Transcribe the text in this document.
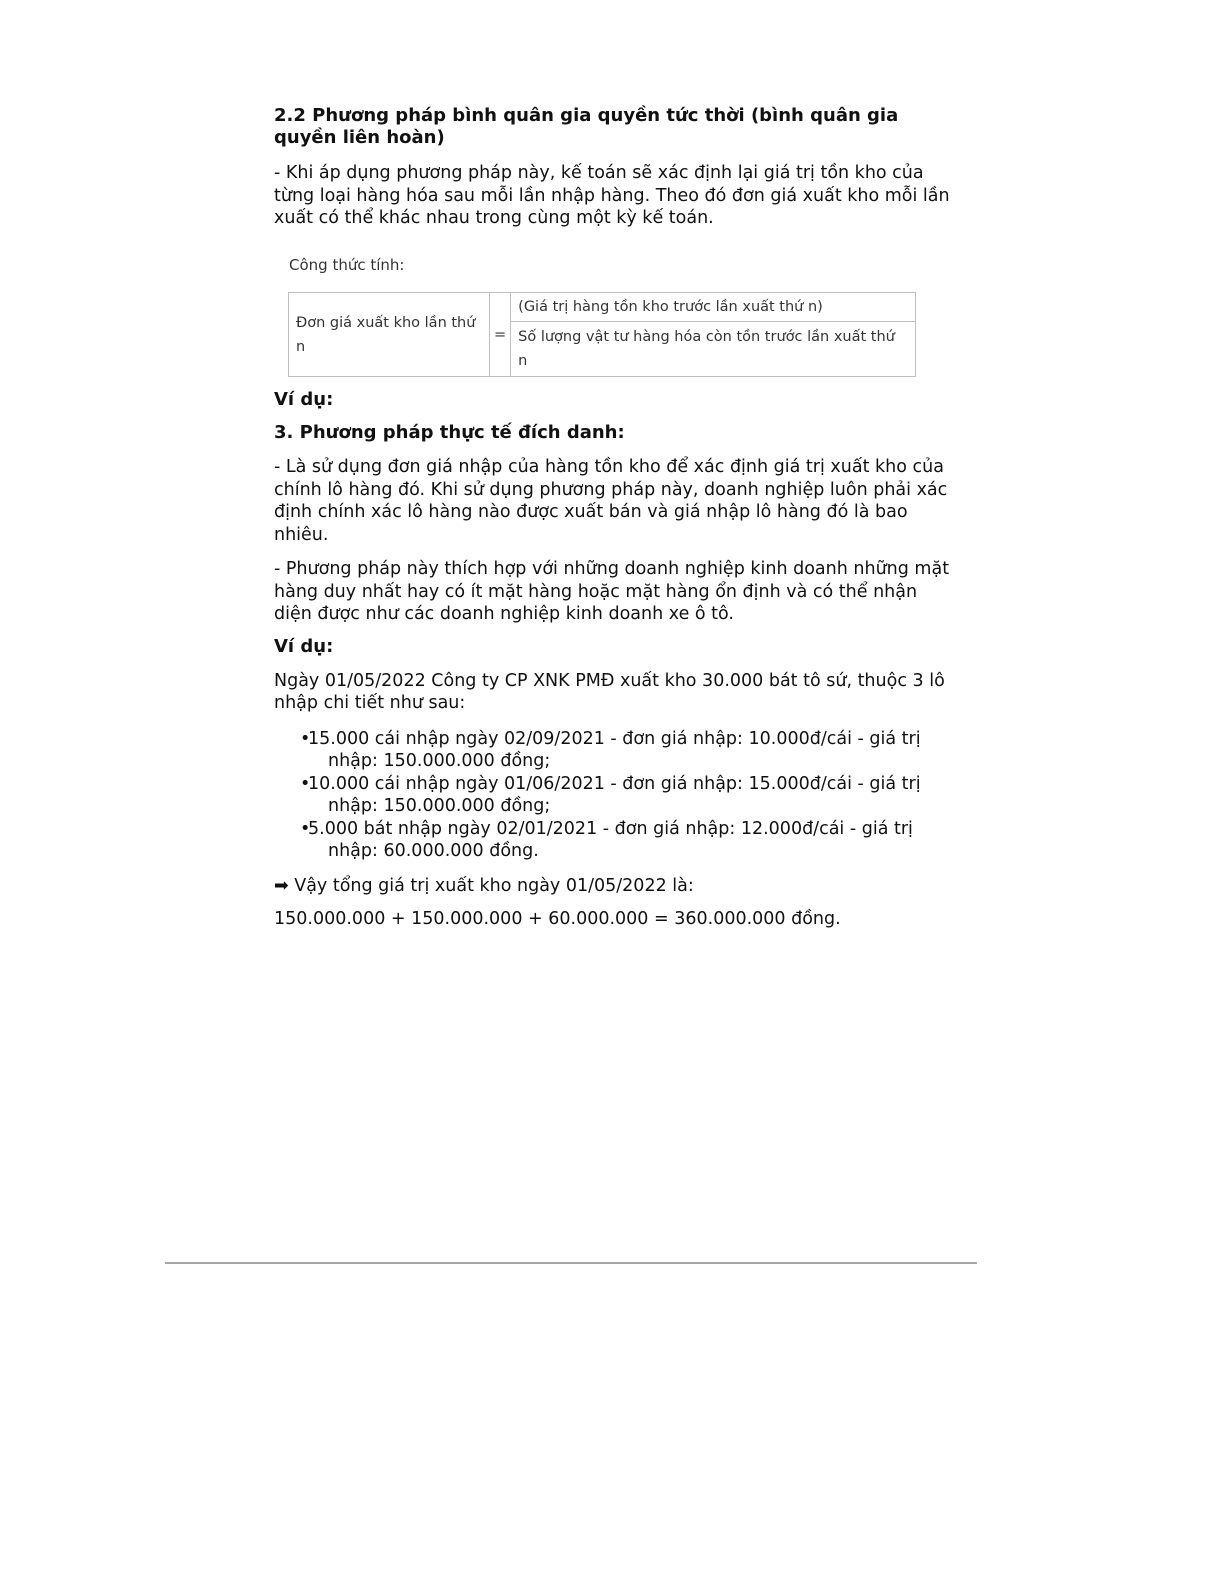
2.2 Phương pháp bình quân gia quyền tức thời (bình quân gia quyền liên hoàn)

- Khi áp dụng phương pháp này, kế toán sẽ xác định lại giá trị tồn kho của từng loại hàng hóa sau mỗi lần nhập hàng. Theo đó đơn giá xuất kho mỗi lần xuất có thể khác nhau trong cùng một kỳ kế toán.

Công thức tính:
Đơn giá xuất kho lần thứ n	=	(Giá trị hàng tồn kho trước lần xuất thứ n)
Số lượng vật tư hàng hóa còn tồn trước lần xuất thứ n
Ví dụ:
3. Phương pháp thực tế đích danh:

- Là sử dụng đơn giá nhập của hàng tồn kho để xác định giá trị xuất kho của chính lô hàng đó. Khi sử dụng phương pháp này, doanh nghiệp luôn phải xác định chính xác lô hàng nào được xuất bán và giá nhập lô hàng đó là bao nhiêu.

- Phương pháp này thích hợp với những doanh nghiệp kinh doanh những mặt hàng duy nhất hay có ít mặt hàng hoặc mặt hàng ổn định và có thể nhận diện được như các doanh nghiệp kinh doanh xe ô tô.

Ví dụ:

Ngày 01/05/2022 Công ty CP XNK PMĐ xuất kho 30.000 bát tô sứ, thuộc 3 lô nhập chi tiết như sau:

•15.000 cái nhập ngày 02/09/2021 - đơn giá nhập: 10.000đ/cái - giá trị nhập: 150.000.000 đồng;
•10.000 cái nhập ngày 01/06/2021 - đơn giá nhập: 15.000đ/cái - giá trị nhập: 150.000.000 đồng;
•5.000 bát nhập ngày 02/01/2021 - đơn giá nhập: 12.000đ/cái - giá trị nhập: 60.000.000 đồng.

➡ Vậy tổng giá trị xuất kho ngày 01/05/2022 là:

150.000.000 + 150.000.000 + 60.000.000 = 360.000.000 đồng.
